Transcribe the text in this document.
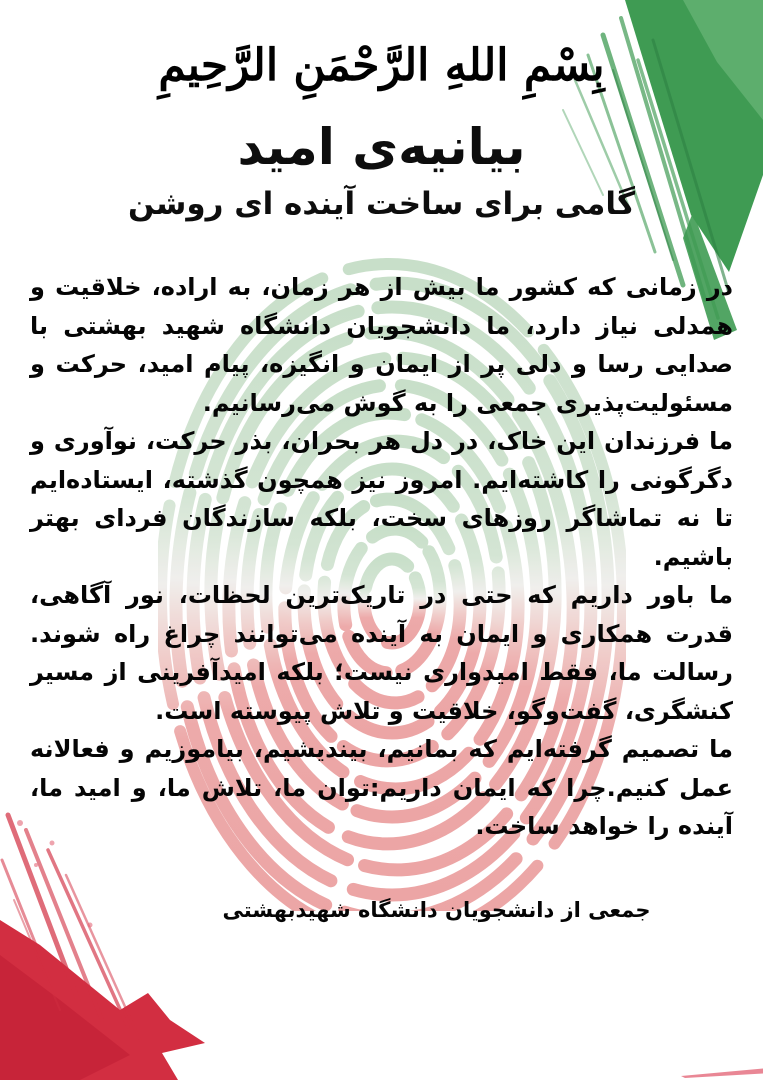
بِسْمِ اللهِ الرَّحْمَنِ الرَّحِيمِ
بیانیه‌ی امید
گامی برای ساخت آینده ای روشن

در زمانی که کشور ما بیش از هر زمان، به اراده، خلاقیت و همدلی نیاز دارد، ما دانشجویان دانشگاه شهید بهشتی با صدایی رسا و دلی پر از ایمان و انگیزه، پیام امید، حرکت و مسئولیت‌پذیری جمعی را به گوش می‌رسانیم.

ما فرزندان این خاک، در دل هر بحران، بذر حرکت، نوآوری و دگرگونی را کاشته‌ایم. امروز نیز همچون گذشته، ایستاده‌ایم تا نه تماشاگر روزهای سخت، بلکه سازندگان فردای بهتر باشیم.

ما باور داریم که حتی در تاریک‌ترین لحظات، نور آگاهی، قدرت همکاری و ایمان به آینده می‌توانند چراغ راه شوند. رسالت ما، فقط امیدواری نیست؛ بلکه امیدآفرینی از مسیر کنشگری، گفت‌وگو، خلاقیت و تلاش پیوسته است.

ما تصمیم گرفته‌ایم که بمانیم، بیندیشیم، بیاموزیم و فعالانه عمل کنیم.چرا که ایمان داریم:توان ما، تلاش ما، و امید ما، آینده را خواهد ساخت.

جمعی از دانشجویان دانشگاه شهیدبهشتی
